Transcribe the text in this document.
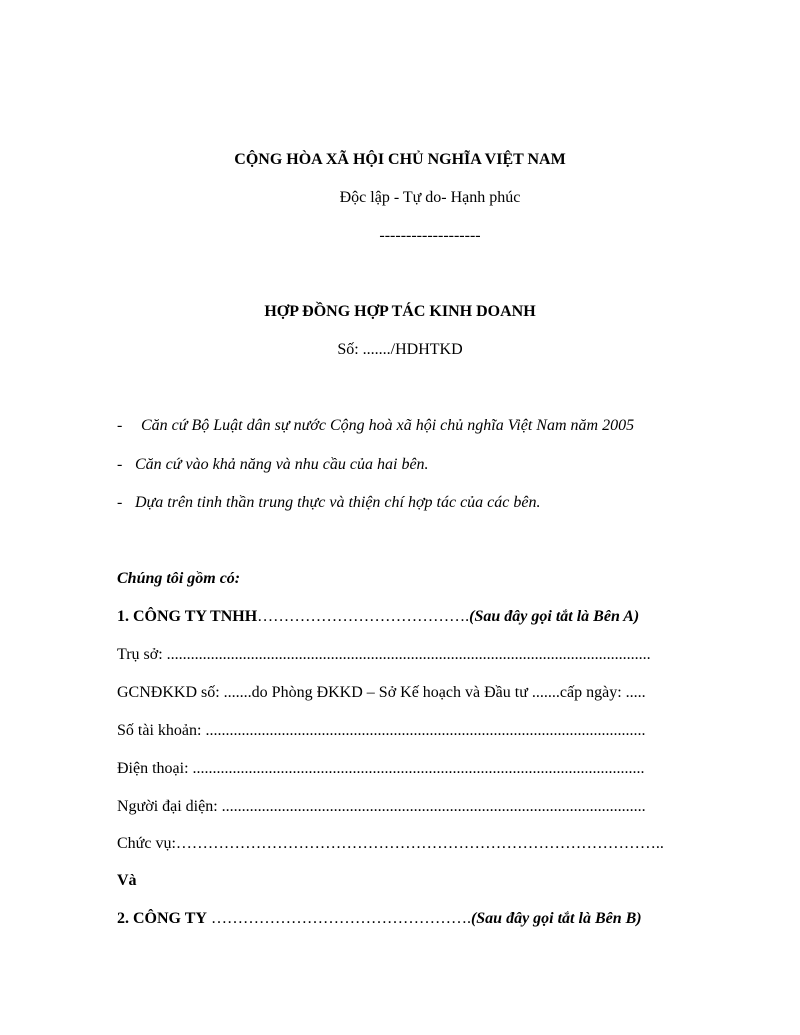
CỘNG HÒA XÃ HỘI CHỦ NGHĨA VIỆT NAM
Độc lập - Tự do- Hạnh phúc
-------------------
HỢP ĐỒNG HỢP TÁC KINH DOANH
Số: ......./HDHTKD
- Căn cứ Bộ Luật dân sự nước Cộng hoà xã hội chủ nghĩa Việt Nam năm 2005
- Căn cứ vào khả năng và nhu cầu của hai bên.
- Dựa trên tinh thần trung thực và thiện chí hợp tác của các bên.
Chúng tôi gồm có:
1. CÔNG TY TNHH………………………………….(Sau đây gọi tắt là Bên A)
Trụ sở: .........................................................................................................................
GCNĐKKD số: .......do Phòng ĐKKD – Sở Kế hoạch và Đầu tư .......cấp ngày: .....
Số tài khoản: ..............................................................................................................
Điện thoại: .................................................................................................................
Người đại diện: ..........................................................................................................
Chức vụ:………………………………………………………………………………..
Và
2. CÔNG TY ………………………………………….(Sau đây gọi tắt là Bên B)
